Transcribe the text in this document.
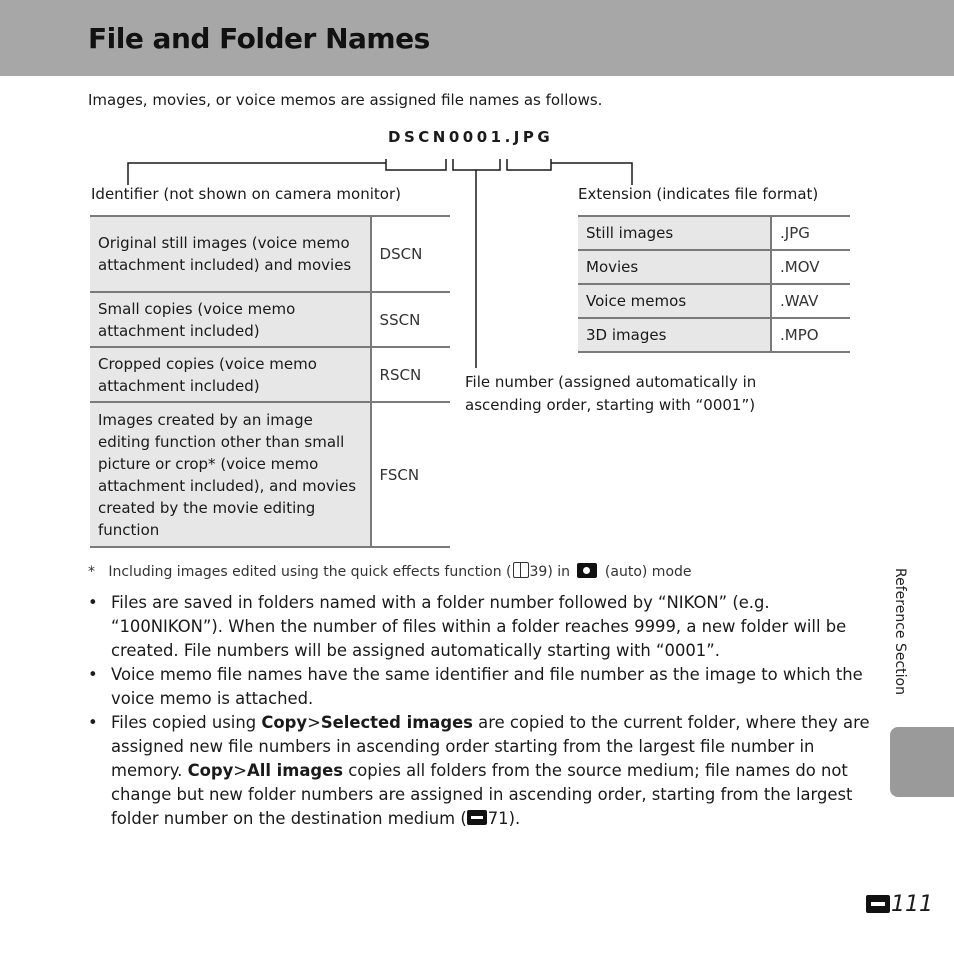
File and Folder Names
Images, movies, or voice memos are assigned file names as follows.
DSCN0001.JPG
Identifier (not shown on camera monitor)	Extension (indicates file format)
Original still images (voice memo attachment included) and movies	DSCN
Small copies (voice memo attachment included)	SSCN
Cropped copies (voice memo attachment included)	RSCN
Images created by an image editing function other than small picture or crop* (voice memo attachment included), and movies created by the movie editing function	FSCN
Still images	.JPG
Movies	.MOV
Voice memos	.WAV
3D images	.MPO
File number (assigned automatically in
ascending order, starting with “0001”)
* Including images edited using the quick effects function ( 39) in (auto) mode
• Files are saved in folders named with a folder number followed by “NIKON” (e.g. “100NIKON”). When the number of files within a folder reaches 9999, a new folder will be created. File numbers will be assigned automatically starting with “0001”.
• Voice memo file names have the same identifier and file number as the image to which the voice memo is attached.
• Files copied using Copy>Selected images are copied to the current folder, where they are assigned new file numbers in ascending order starting from the largest file number in memory. Copy>All images copies all folders from the source medium; file names do not change but new folder numbers are assigned in ascending order, starting from the largest folder number on the destination medium ( 71).
Reference Section
111
